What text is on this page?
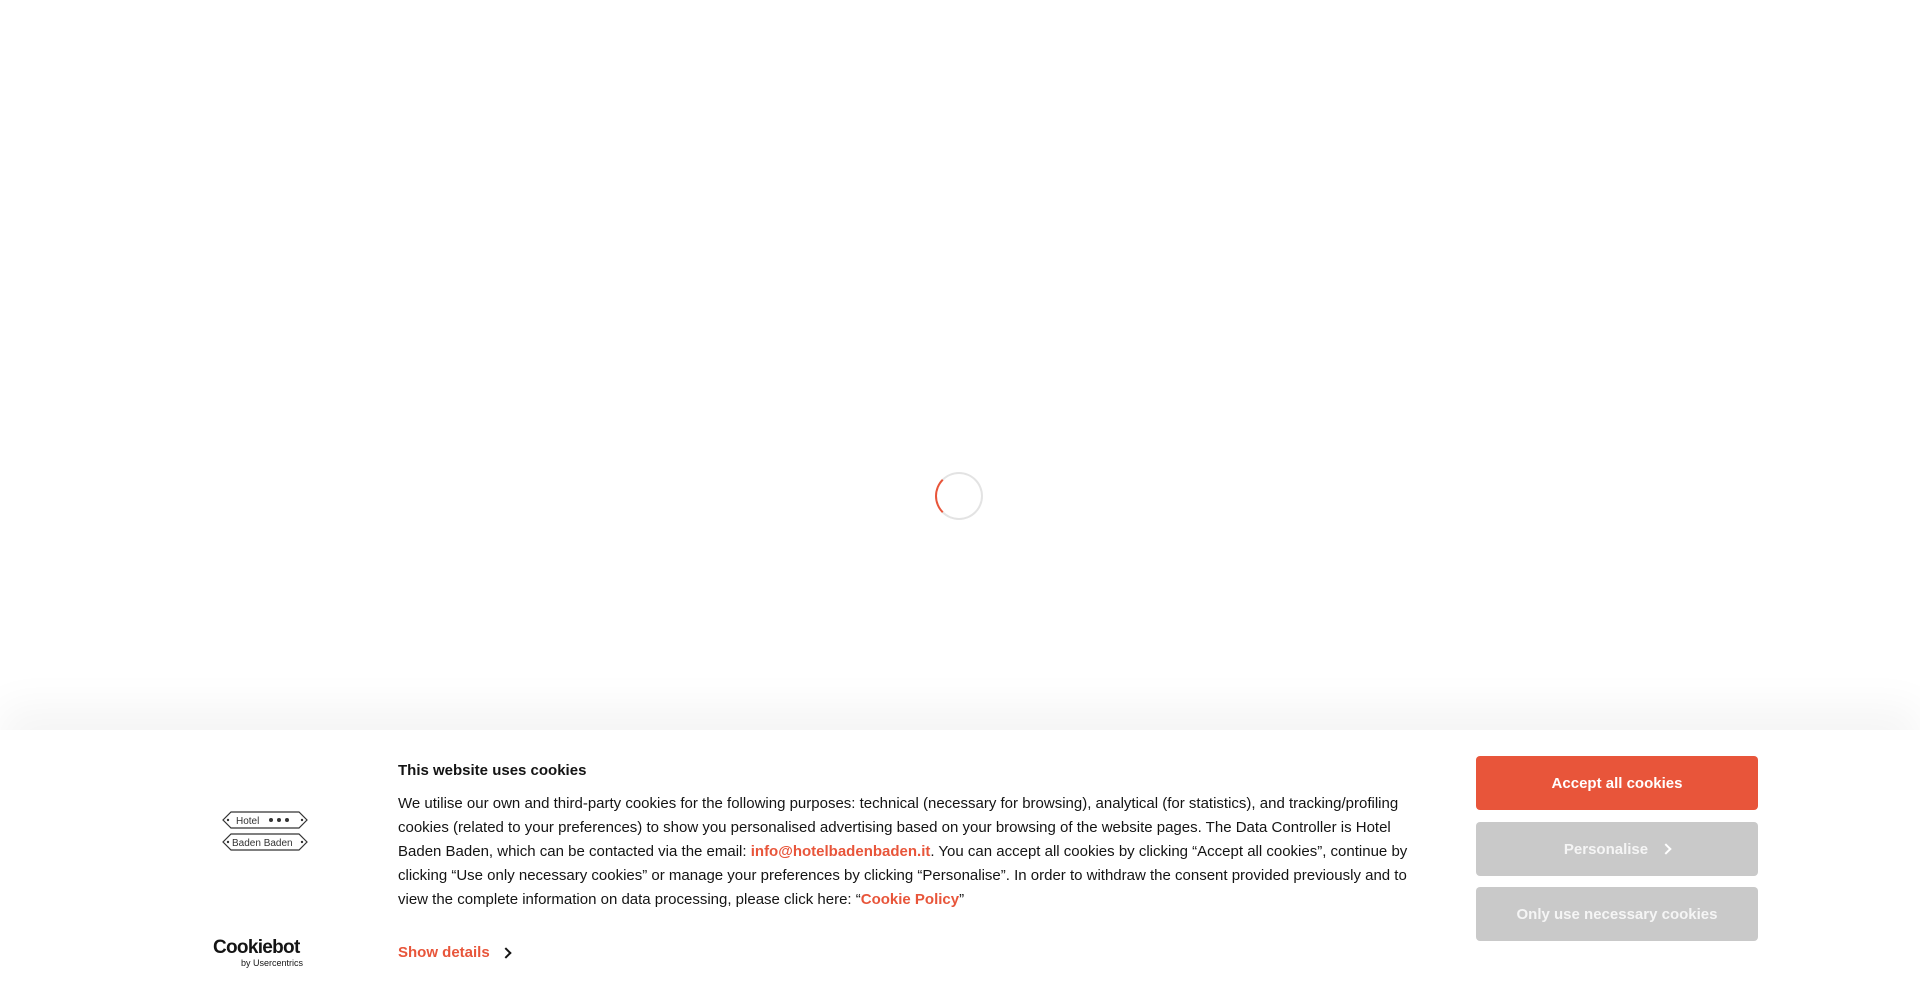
Hotel
Baden Baden
Cookiebot
by Usercentrics
This website uses cookies
We utilise our own and third-party cookies for the following purposes: technical (necessary for browsing), analytical (for statistics), and tracking/profiling cookies (related to your preferences) to show you personalised advertising based on your browsing of the website pages. The Data Controller is Hotel Baden Baden, which can be contacted via the email: info@hotelbadenbaden.it. You can accept all cookies by clicking “Accept all cookies”, continue by clicking “Use only necessary cookies” or manage your preferences by clicking “Personalise”. In order to withdraw the consent provided previously and to view the complete information on data processing, please click here: “Cookie Policy”
Show details
Accept all cookies
Personalise
Only use necessary cookies
